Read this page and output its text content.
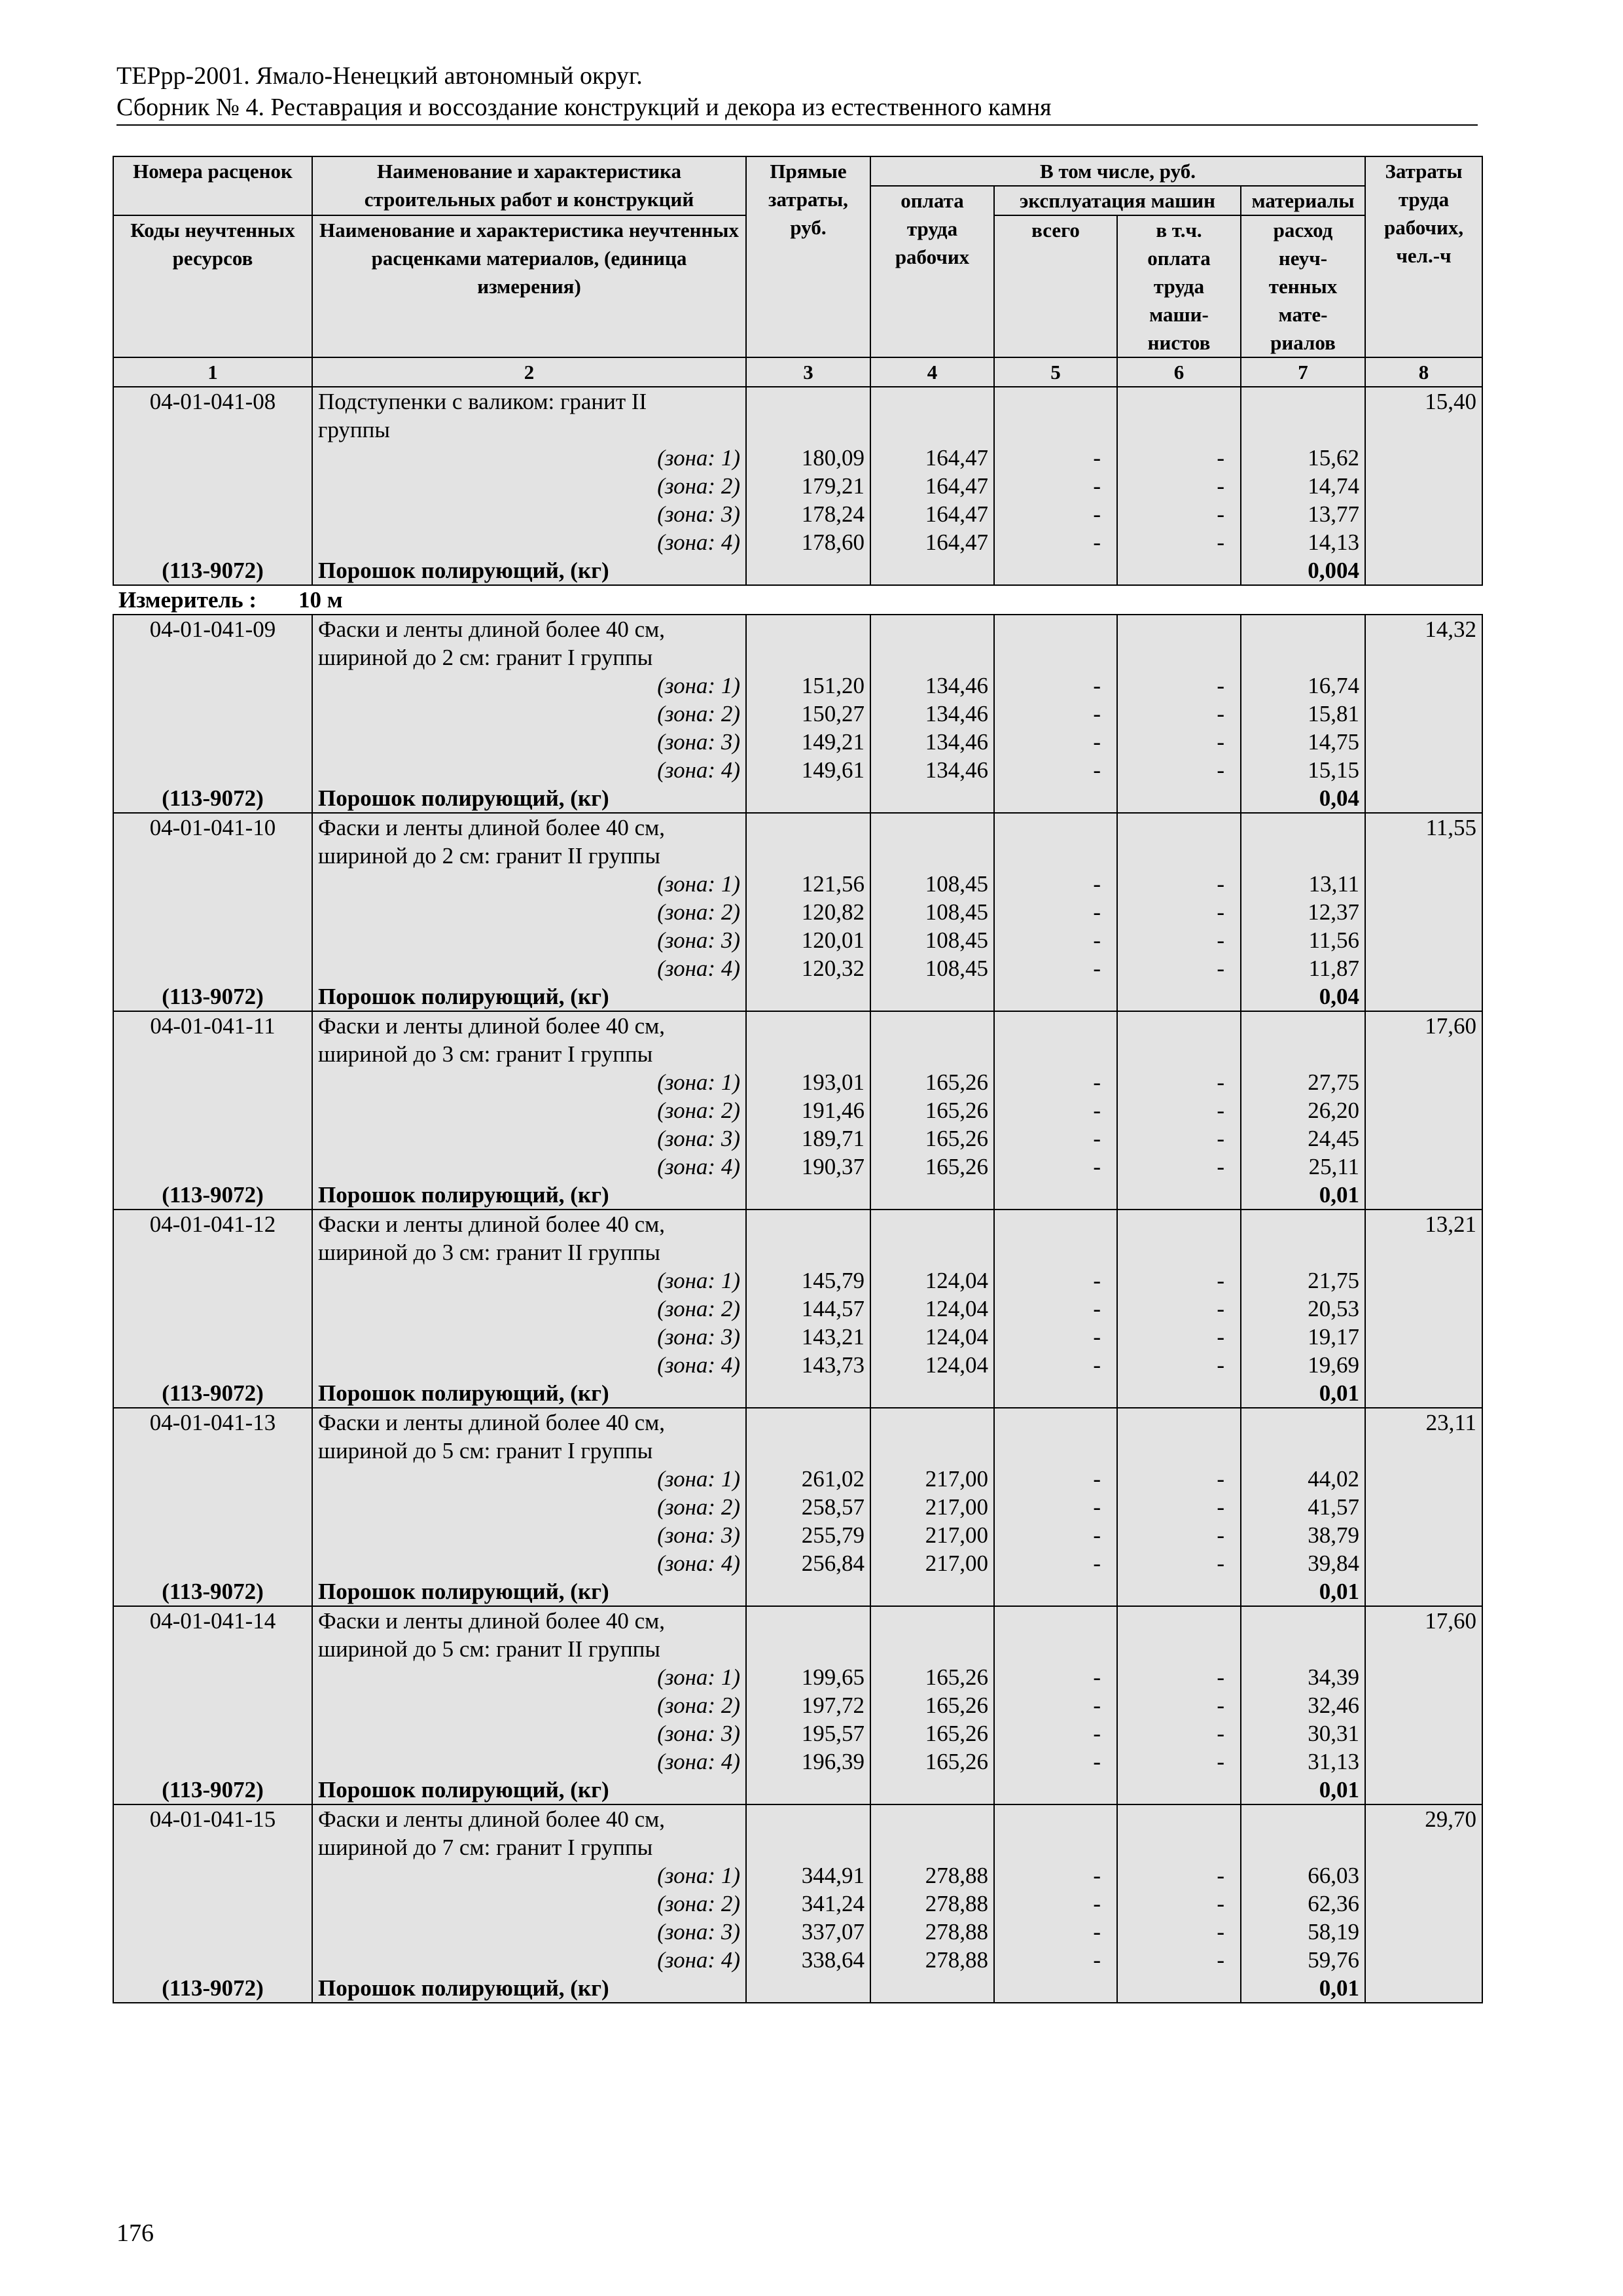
ТЕРрр-2001. Ямало-Ненецкий автономный округ.
Сборник № 4. Реставрация и воссоздание конструкций и декора из естественного камня
Номера расценок	Наименование и характеристика строительных работ и конструкций	Прямые затраты, руб.	В том числе, руб.				Затраты труда рабочих, чел.-ч
			оплата труда рабочих	эксплуатация машин		материалы	
Коды неучтенных ресурсов	Наименование и характеристика неучтенных расценками материалов, (единица измерения)			всего	в т.ч. оплата труда маши-нистов	расход неуч-тенных мате-риалов	

1	2	3	4	5	6	7	8
04-01-041-08	Подступенки с валиком: гранит II						15,40
	группы						
	(зона: 1)	180,09	164,47	-	-	15,62	
	(зона: 2)	179,21	164,47	-	-	14,74	
	(зона: 3)	178,24	164,47	-	-	13,77	
	(зона: 4)	178,60	164,47	-	-	14,13	
(113-9072)	Порошок полирующий, (кг)					0,004	
Измеритель : 10 м							
04-01-041-09	Фаски и ленты длиной более 40 см,						14,32
	шириной до 2 см: гранит I группы						
	(зона: 1)	151,20	134,46	-	-	16,74	
	(зона: 2)	150,27	134,46	-	-	15,81	
	(зона: 3)	149,21	134,46	-	-	14,75	
	(зона: 4)	149,61	134,46	-	-	15,15	
(113-9072)	Порошок полирующий, (кг)					0,04	
04-01-041-10	Фаски и ленты длиной более 40 см,						11,55
	шириной до 2 см: гранит II группы						
	(зона: 1)	121,56	108,45	-	-	13,11	
	(зона: 2)	120,82	108,45	-	-	12,37	
	(зона: 3)	120,01	108,45	-	-	11,56	
	(зона: 4)	120,32	108,45	-	-	11,87	
(113-9072)	Порошок полирующий, (кг)					0,04	
04-01-041-11	Фаски и ленты длиной более 40 см,						17,60
	шириной до 3 см: гранит I группы						
	(зона: 1)	193,01	165,26	-	-	27,75	
	(зона: 2)	191,46	165,26	-	-	26,20	
	(зона: 3)	189,71	165,26	-	-	24,45	
	(зона: 4)	190,37	165,26	-	-	25,11	
(113-9072)	Порошок полирующий, (кг)					0,01	
04-01-041-12	Фаски и ленты длиной более 40 см,						13,21
	шириной до 3 см: гранит II группы						
	(зона: 1)	145,79	124,04	-	-	21,75	
	(зона: 2)	144,57	124,04	-	-	20,53	
	(зона: 3)	143,21	124,04	-	-	19,17	
	(зона: 4)	143,73	124,04	-	-	19,69	
(113-9072)	Порошок полирующий, (кг)					0,01	
04-01-041-13	Фаски и ленты длиной более 40 см,						23,11
	шириной до 5 см: гранит I группы						
	(зона: 1)	261,02	217,00	-	-	44,02	
	(зона: 2)	258,57	217,00	-	-	41,57	
	(зона: 3)	255,79	217,00	-	-	38,79	
	(зона: 4)	256,84	217,00	-	-	39,84	
(113-9072)	Порошок полирующий, (кг)					0,01	
04-01-041-14	Фаски и ленты длиной более 40 см,						17,60
	шириной до 5 см: гранит II группы						
	(зона: 1)	199,65	165,26	-	-	34,39	
	(зона: 2)	197,72	165,26	-	-	32,46	
	(зона: 3)	195,57	165,26	-	-	30,31	
	(зона: 4)	196,39	165,26	-	-	31,13	
(113-9072)	Порошок полирующий, (кг)					0,01	
04-01-041-15	Фаски и ленты длиной более 40 см,						29,70
	шириной до 7 см: гранит I группы						
	(зона: 1)	344,91	278,88	-	-	66,03	
	(зона: 2)	341,24	278,88	-	-	62,36	
	(зона: 3)	337,07	278,88	-	-	58,19	
	(зона: 4)	338,64	278,88	-	-	59,76	
(113-9072)	Порошок полирующий, (кг)					0,01	
176
